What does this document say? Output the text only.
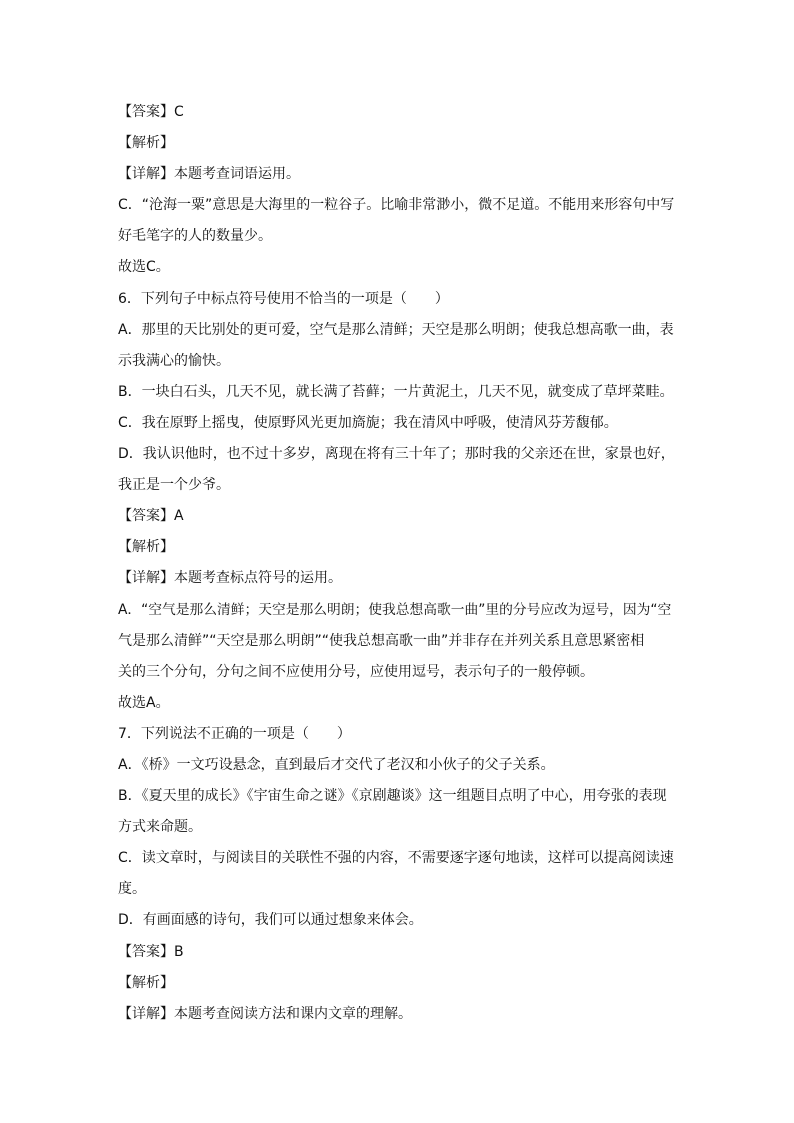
【答案】C
【解析】
【详解】本题考查词语运用。
C．“沧海一粟”意思是大海里的一粒谷子。比喻非常渺小，微不足道。不能用来形容句中写
好毛笔字的人的数量少。
故选C。
6．下列句子中标点符号使用不恰当的一项是（　　）
A．那里的天比别处的更可爱，空气是那么清鲜；天空是那么明朗；使我总想高歌一曲，表
示我满心的愉快。
B．一块白石头，几天不见，就长满了苔藓；一片黄泥土，几天不见，就变成了草坪菜畦。
C．我在原野上摇曳，使原野风光更加旖旎；我在清风中呼吸，使清风芬芳馥郁。
D．我认识他时，也不过十多岁，离现在将有三十年了；那时我的父亲还在世，家景也好，
我正是一个少爷。
【答案】A
【解析】
【详解】本题考查标点符号的运用。
A．“空气是那么清鲜；天空是那么明朗；使我总想高歌一曲”里的分号应改为逗号，因为“空
气是那么清鲜”“天空是那么明朗”“使我总想高歌一曲”并非存在并列关系且意思紧密相
关的三个分句，分句之间不应使用分号，应使用逗号，表示句子的一般停顿。
故选A。
7．下列说法不正确的一项是（　　）
A．《桥》一文巧设悬念，直到最后才交代了老汉和小伙子的父子关系。
B．《夏天里的成长》《宇宙生命之谜》《京剧趣谈》这一组题目点明了中心，用夸张的表现
方式来命题。
C．读文章时，与阅读目的关联性不强的内容，不需要逐字逐句地读，这样可以提高阅读速
度。
D．有画面感的诗句，我们可以通过想象来体会。
【答案】B
【解析】
【详解】本题考查阅读方法和课内文章的理解。
